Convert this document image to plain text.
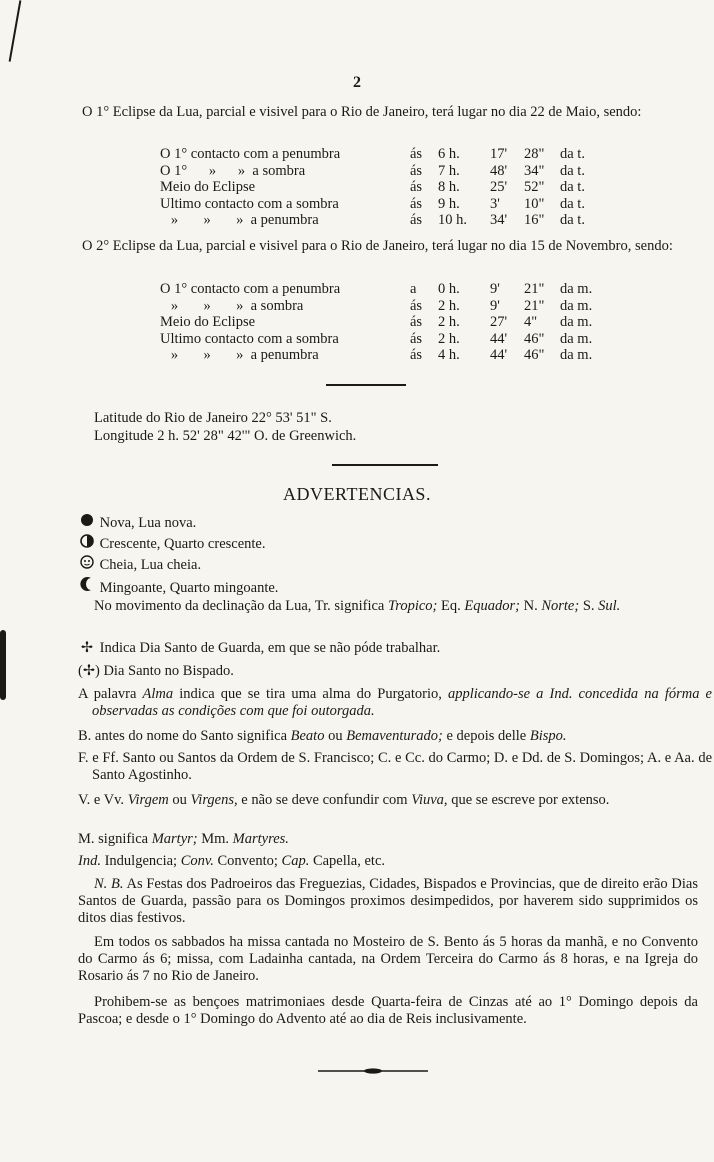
2
O 1° Eclipse da Lua, parcial e visivel para o Rio de Janeiro, terá lugar no dia 22 de Maio, sendo:
O 1° contacto com a penumbra	ás 6 h. 17' 28" da t.
O 1°      »      »  a sombra	ás 7 h. 48' 34" da t.
Meio do Eclipse	ás 8 h. 25' 52" da t.
Ultimo contacto com a sombra	ás 9 h. 3' 10" da t.
»       »       »  a penumbra	ás 10 h. 34' 16" da t.
O 2° Eclipse da Lua, parcial e visivel para o Rio de Janeiro, terá lugar no dia 15 de Novembro, sendo:
O 1° contacto com a penumbra	a 0 h. 9' 21" da m.
»       »       »  a sombra	ás 2 h. 9' 21" da m.
Meio do Eclipse	ás 2 h. 27' 4" da m.
Ultimo contacto com a sombra	ás 2 h. 44' 46" da m.
»       »       »  a penumbra	ás 4 h. 44' 46" da m.
Latitude do Rio de Janeiro 22° 53' 51" S.
Longitude 2 h. 52' 28" 42'" O. de Greenwich.
ADVERTENCIAS.
Nova, Lua nova.
Crescente, Quarto crescente.
Cheia, Lua cheia.
Mingoante, Quarto mingoante.
No movimento da declinação da Lua, Tr. significa Tropico; Eq. Equador; N. Norte; S. Sul.
✢ Indica Dia Santo de Guarda, em que se não póde trabalhar.
(✢) Dia Santo no Bispado.
A palavra Alma indica que se tira uma alma do Purgatorio, applicando-se a Ind. concedida na fórma e observadas as condições com que foi outorgada.
B. antes do nome do Santo significa Beato ou Bemaventurado; e depois delle Bispo.
F. e Ff. Santo ou Santos da Ordem de S. Francisco; C. e Cc. do Carmo; D. e Dd. de S. Domingos; A. e Aa. de Santo Agostinho.
V. e Vv. Virgem ou Virgens, e não se deve confundir com Viuva, que se escreve por extenso.
M. significa Martyr; Mm. Martyres.
Ind. Indulgencia; Conv. Convento; Cap. Capella, etc.
N. B. As Festas dos Padroeiros das Freguezias, Cidades, Bispados e Provincias, que de direito erão Dias Santos de Guarda, passão para os Domingos proximos desimpedidos, por haverem sido supprimidos os ditos dias festivos.
Em todos os sabbados ha missa cantada no Mosteiro de S. Bento ás 5 horas da manhã, e no Convento do Carmo ás 6; missa, com Ladainha cantada, na Ordem Terceira do Carmo ás 8 horas, e na Igreja do Rosario ás 7 no Rio de Janeiro.
Prohibem-se as bençoes matrimoniaes desde Quarta-feira de Cinzas até ao 1° Domingo depois da Pascoa; e desde o 1° Domingo do Advento até ao dia de Reis inclusivamente.
